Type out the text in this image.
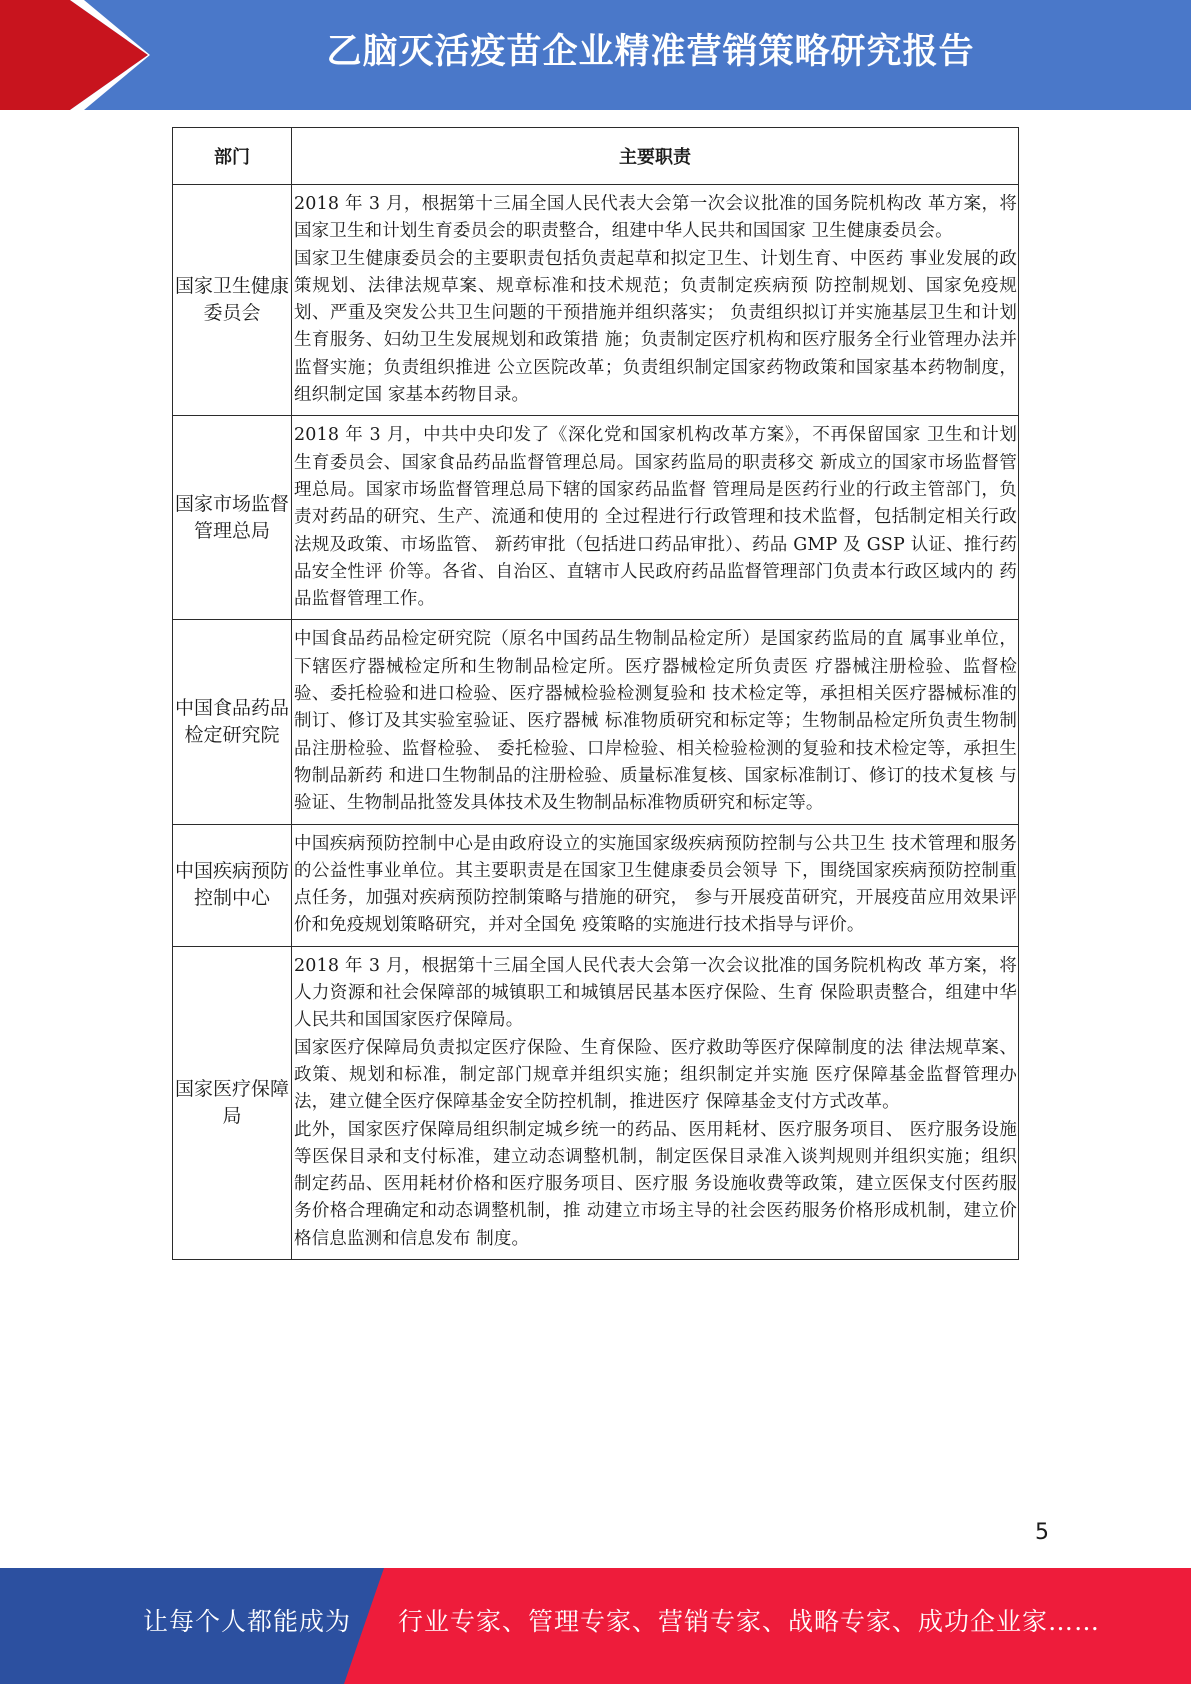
乙脑灭活疫苗企业精准营销策略研究报告
部门	主要职责
国家卫生健康委员会	2018 年 3 月，根据第十三届全国人民代表大会第一次会议批准的国务院机构改 革方案，将国家卫生和计划生育委员会的职责整合，组建中华人民共和国国家 卫生健康委员会。

国家卫生健康委员会的主要职责包括负责起草和拟定卫生、计划生育、中医药 事业发展的政策规划、法律法规草案、规章标准和技术规范；负责制定疾病预 防控制规划、国家免疫规划、严重及突发公共卫生问题的干预措施并组织落实； 负责组织拟订并实施基层卫生和计划生育服务、妇幼卫生发展规划和政策措 施；负责制定医疗机构和医疗服务全行业管理办法并监督实施；负责组织推进 公立医院改革；负责组织制定国家药物政策和国家基本药物制度，组织制定国 家基本药物目录。

国家市场监督管理总局	2018 年 3 月，中共中央印发了《深化党和国家机构改革方案》，不再保留国家 卫生和计划生育委员会、国家食品药品监督管理总局。国家药监局的职责移交 新成立的国家市场监督管理总局。国家市场监督管理总局下辖的国家药品监督 管理局是医药行业的行政主管部门，负责对药品的研究、生产、流通和使用的 全过程进行行政管理和技术监督，包括制定相关行政法规及政策、市场监管、 新药审批（包括进口药品审批）、药品 GMP 及 GSP 认证、推行药品安全性评 价等。各省、自治区、直辖市人民政府药品监督管理部门负责本行政区域内的 药品监督管理工作。

中国食品药品检定研究院	中国食品药品检定研究院（原名中国药品生物制品检定所）是国家药监局的直 属事业单位，下辖医疗器械检定所和生物制品检定所。医疗器械检定所负责医 疗器械注册检验、监督检验、委托检验和进口检验、医疗器械检验检测复验和 技术检定等，承担相关医疗器械标准的制订、修订及其实验室验证、医疗器械 标准物质研究和标定等；生物制品检定所负责生物制品注册检验、监督检验、 委托检验、口岸检验、相关检验检测的复验和技术检定等，承担生物制品新药 和进口生物制品的注册检验、质量标准复核、国家标准制订、修订的技术复核 与验证、生物制品批签发具体技术及生物制品标准物质研究和标定等。

中国疾病预防控制中心	中国疾病预防控制中心是由政府设立的实施国家级疾病预防控制与公共卫生 技术管理和服务的公益性事业单位。其主要职责是在国家卫生健康委员会领导 下，围绕国家疾病预防控制重点任务，加强对疾病预防控制策略与措施的研究， 参与开展疫苗研究，开展疫苗应用效果评价和免疫规划策略研究，并对全国免 疫策略的实施进行技术指导与评价。

国家医疗保障局	2018 年 3 月，根据第十三届全国人民代表大会第一次会议批准的国务院机构改 革方案，将人力资源和社会保障部的城镇职工和城镇居民基本医疗保险、生育 保险职责整合，组建中华人民共和国国家医疗保障局。

国家医疗保障局负责拟定医疗保险、生育保险、医疗救助等医疗保障制度的法 律法规草案、政策、规划和标准，制定部门规章并组织实施；组织制定并实施 医疗保障基金监督管理办法，建立健全医疗保障基金安全防控机制，推进医疗 保障基金支付方式改革。

此外，国家医疗保障局组织制定城乡统一的药品、医用耗材、医疗服务项目、 医疗服务设施等医保目录和支付标准，建立动态调整机制，制定医保目录准入谈判规则并组织实施；组织制定药品、医用耗材价格和医疗服务项目、医疗服 务设施收费等政策，建立医保支付医药服务价格合理确定和动态调整机制，推 动建立市场主导的社会医药服务价格形成机制，建立价格信息监测和信息发布 制度。

5
让每个人都能成为 行业专家、管理专家、营销专家、战略专家、成功企业家……
